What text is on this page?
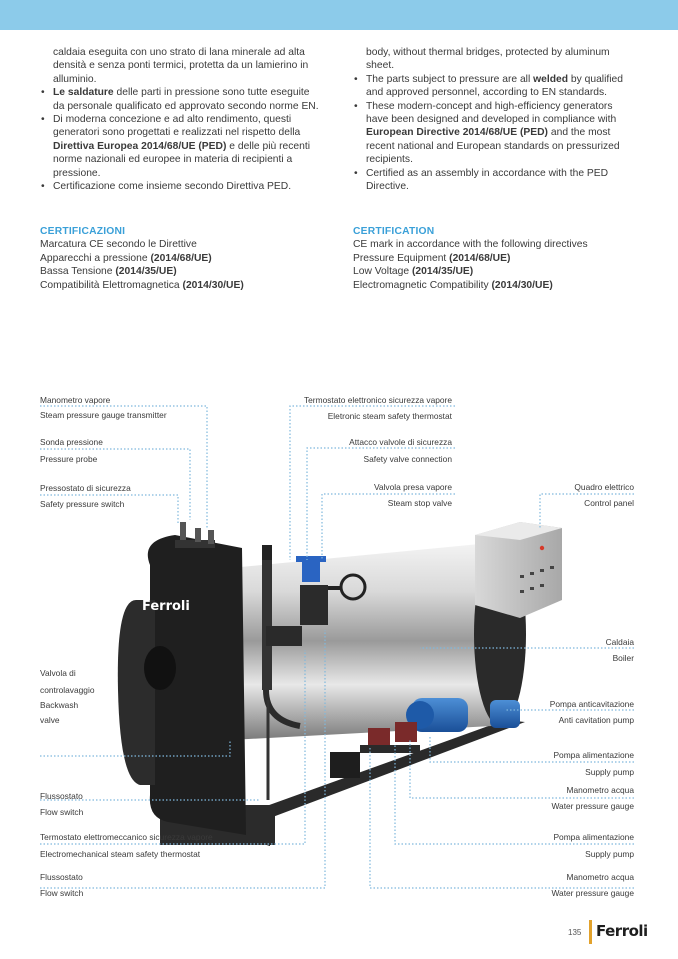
caldaia eseguita con uno strato di lana minerale ad alta densità e senza ponti termici, protetta da un lamierino in alluminio.

• Le saldature delle parti in pressione sono tutte eseguite da personale qualificato ed approvato secondo norme EN.
• Di moderna concezione e ad alto rendimento, questi generatori sono progettati e realizzati nel rispetto della Direttiva Europea 2014/68/UE (PED) e delle più recenti norme nazionali ed europee in materia di recipienti a pressione.
• Certificazione come insieme secondo Direttiva PED.

body, without thermal bridges, protected by aluminum sheet.

• The parts subject to pressure are all welded by qualified and approved personnel, according to EN standards.
• These modern-concept and high-efficiency generators have been designed and developed in compliance with European Directive 2014/68/UE (PED) and the most recent national and European standards on pressurized recipients.
• Certified as an assembly in accordance with the PED Directive.
CERTIFICAZIONI
Marcatura CE secondo le Direttive
Apparecchi a pressione (2014/68/UE)
Bassa Tensione (2014/35/UE)
Compatibilità Elettromagnetica (2014/30/UE)
CERTIFICATION
CE mark in accordance with the following directives
Pressure Equipment (2014/68/UE)
Low Voltage (2014/35/UE)
Electromagnetic Compatibility (2014/30/UE)
Ferroli
Manometro vapore
Steam pressure gauge transmitter
Sonda pressione
Pressure probe
Pressostato di sicurezza
Safety pressure switch
Valvola di
controlavaggio
Backwash
valve
Flussostato
Flow switch
Termostato elettromeccanico sicurezza vapore
Electromechanical steam safety thermostat
Flussostato
Flow switch
Termostato elettronico sicurezza vapore
Eletronic steam safety thermostat
Attacco valvole di sicurezza
Safety valve connection
Valvola presa vapore
Steam stop valve
Quadro elettrico
Control panel
Caldaia
Boiler
Pompa anticavitazione
Anti cavitation pump
Pompa alimentazione
Supply pump
Manometro acqua
Water pressure gauge
Pompa alimentazione
Supply pump
Manometro acqua
Water pressure gauge
135 Ferroli
